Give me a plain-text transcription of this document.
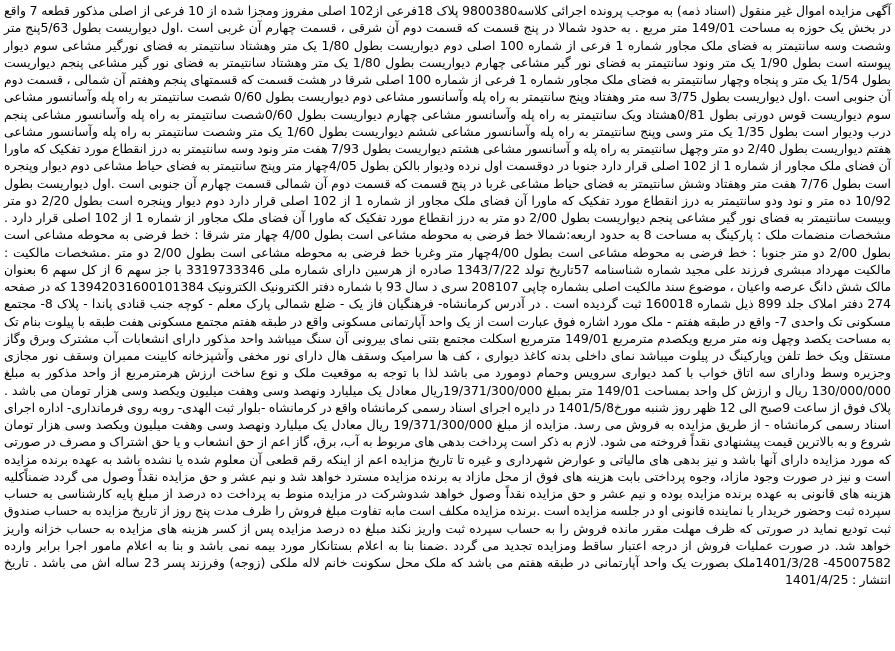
آگهی مزایده اموال غیر منقول (اسناد ذمه) به موجب پرونده اجرائی کلاسه9800380 پلاک 18فرعی از102 اصلی مفروز ومجزا شده از 10 فرعی از اصلی مذکور قطعه 7 واقع در بخش یک حوزه به مساحت 149/01 متر مربع . به حدود شمالا در پنج قسمت که قسمت دوم آن شرقی ، قسمت چهارم آن غربی است .اول دیواریست بطول 5/63پنج متر وشصت وسه سانتیمتر به فضای ملک مجاور شماره 1 فرعی از شماره 100 اصلی دوم دیواریست بطول 1/80 یک متر وهشتاد سانتیمتر به فضای نورگیر مشاعی سوم دیوار پیوسته است بطول 1/90 یک متر ونود سانتیمتر به فضای نور گیر مشاعی چهارم دیواریست بطول 1/80 یک متر وهشتاد سانتیمتر به فضای نور گیر مشاعی پنجم دیواریست بطول 1/54 یک متر و پنجاه وچهار سانتیمتر به فضای ملک مجاور شماره 1 فرعی از شماره 100 اصلی شرقا در هشت قسمت که قسمتهای پنجم وهفتم آن شمالی ، قسمت دوم آن جنوبی است .اول دیواریست بطول 3/75 سه متر وهفتاد وپنج سانتیمتر به راه پله وآسانسور مشاعی دوم دیواریست بطول 0/60 شصت سانتیمتر به راه پله وآسانسور مشاعی سوم دیواریست قوس دورنی بطول 0/81هشتاد ویک سانتیمتر به راه پله وآسانسور مشاعی چهارم دیواریست بطول 0/60شصت سانتیمتر به راه پله وآسانسور مشاعی پنجم درب ودیوار است بطول 1/35 یک متر وسی وپنج سانتیمتر به راه پله وآسانسور مشاعی ششم دیواریست بطول 1/60 یک متر وشصت سانتیمتر به راه پله وآسانسور مشاعی هفتم دیواریست بطول 2/40 دو متر وچهل سانتیمتر به راه پله و آسانسور مشاعی هشتم دیواریست بطول 7/93 هفت متر ونود وسه سانتیمتر به درز انقطاع مورد تفکیک که ماورا آن فضای ملک مجاور از شماره 1 از 102 اصلی قرار دارد جنوبا در دوقسمت اول نرده ودیوار بالکن بطول 4/05چهار متر وپنج سانتیمتر به فضای حیاط مشاعی دوم دیوار وپنجره است بطول 7/76 هفت متر وهفتاد وشش سانتیمتر به فضای حیاط مشاعی غربا در پنج قسمت که قسمت دوم آن شمالی قسمت چهارم آن جنوبی است .اول دیواریست بطول 10/92 ده متر و نود ودو سانتیمتر به درز انقطاع مورد تفکیک که ماورا آن فضای ملک مجاور از شماره 1 از 102 اصلی قرار دارد دوم دیوار وپنجره است بطول 2/20 دو متر وبیست سانتیمتر به فضای نور گیر مشاعی پنجم دیواریست بطول 2/00 دو متر به درز انقطاع مورد تفکیک که ماورا آن فضای ملک مجاور از شماره 1 از 102 اصلی قرار دارد . مشخصات منضمات ملک : پارکینگ به مساحت 8 به حدود اربعه:شمالا خط فرضی به محوطه مشاعی است بطول 4/00 چهار متر شرقا : خط فرضی به محوطه مشاعی است بطول 2/00 دو متر جنوبا : خط فرضی به محوطه مشاعی است بطول 4/00چهار متر وغربا خط فرضی به محوطه مشاعی است بطول 2/00 دو متر .مشخصات مالکیت : مالکیت مهرداد مبشری فرزند علی مجید شماره شناسنامه 57تاریخ تولد 1343/7/22 صادره از هرسین دارای شماره ملی 3319733346 با جز سهم 6 از کل سهم 6 بعنوان مالک شش دانگ عرصه واعیان ، موضوع سند مالکیت اصلی بشماره چاپی 208107 سری د سال 93 با شماره دفتر الکترونیک الکترونیک 13942031600101384 که در صفحه 274 دفتر املاک جلد 899 ذیل شماره 160018 ثبت گردیده است . در آدرس کرمانشاه- فرهنگیان فاز یک - ضلع شمالی پارک معلم - کوچه جنب قنادی پاندا - پلاک 8- مجتمع مسکونی تک واحدی 7- واقع در طبقه هفتم - ملک مورد اشاره فوق عبارت است از یک واحد آپارتمانی مسکونی واقع در طبقه هفتم مجتمع مسکونی هفت طبقه با پیلوت بنام تک به مساحت یکصد وچهل ونه متر مربع ویکصدم مترمربع 149/01 مترمربع اسکلت مجتمع بتنی نمای بیرونی آن سنگ میباشد واحد مذکور دارای انشعابات آب مشترک وبرق وگاز مستقل ویک خط تلفن وپارکینگ در پیلوت میباشد نمای داخلی بدنه کاغذ دیواری ، کف ها سرامیک وسقف هال دارای نور مخفی وآشپزخانه کابینت ممبران وسقف نور مجازی وجزیره وسط ودارای سه اتاق خواب با کمد دیواری سرویس وحمام دومورد می باشد لذا با توجه به موقعیت ملک و نوع ساخت ارزش هرمترمربع از واحد مذکور به مبلغ 130/000/000 ریال و ارزش کل واحد بمساحت 149/01 متر بمبلغ 19/371/300/000ریال معادل یک میلیارد ونهصد وسی وهفت میلیون ویکصد وسی هزار تومان می باشد . پلاک فوق از ساعت 9صبح الی 12 ظهر روز شنبه مورخ1401/5/8 در دایره اجرای اسناد رسمی کرمانشاه واقع در کرمانشاه -بلوار ثبت الهدی- روبه روی فرمانداری- اداره اجرای اسناد رسمی کرمانشاه - از طریق مزایده به فروش می رسد. مزایده از مبلغ 19/371/300/000 ریال معادل یک میلیارد ونهصد وسی وهفت میلیون ویکصد وسی هزار تومان شروع و به بالاترین قیمت پیشنهادی نقداً فروخته می شود. لازم به ذکر است پرداخت بدهی های مربوط به آب، برق، گاز اعم از حق انشعاب و یا حق اشتراک و مصرف در صورتی که مورد مزایده دارای آنها باشد و نیز بدهی های مالیاتی و عوارض شهرداری و غیره تا تاریخ مزایده اعم از اینکه رقم قطعی آن معلوم شده یا نشده باشد به عهده برنده مزایده است و نیز در صورت وجود مازاد، وجوه پرداختی بابت هزینه های فوق از محل مازاد به برنده مزایده مسترد خواهد شد و نیم عشر و حق مزایده نقداً وصول می گردد ضمناًکلیه هزینه های قانونی به عهده برنده مزایده بوده و نیم عشر و حق مزایده نقداً وصول خواهد شدوشرکت در مزایده منوط به پرداخت ده درصد از مبلغ پایه کارشناسی به حساب سپرده ثبت وحضور خریدار یا نماینده قانونی او در جلسه مزایده است .برنده مزایده مکلف است مابه تفاوت مبلغ فروش را ظرف مدت پنج روز از تاریخ مزایده به حساب صندوق ثبت تودیع نماید در صورتی که ظرف مهلت مقرر مانده فروش را به حساب سپرده ثبت واریز نکند مبلغ ده درصد مزایده پس از کسر هزینه های مزایده به حساب خزانه واریز خواهد شد. در صورت عملیات فروش از درجه اعتبار ساقط ومزایده تجدید می گردد .ضمنا بنا به اعلام بستانکار مورد بیمه نمی باشد و بنا به اعلام مامور اجرا برابر وارده 45007582- 1401/3/28ملک بصورت یک واحد آپارتمانی در طبقه هفتم می باشد که ملک محل سکونت خانم لاله ملکی (زوجه) وفرزند پسر 23 ساله اش می باشد . تاریخ انتشار : 1401/4/25
